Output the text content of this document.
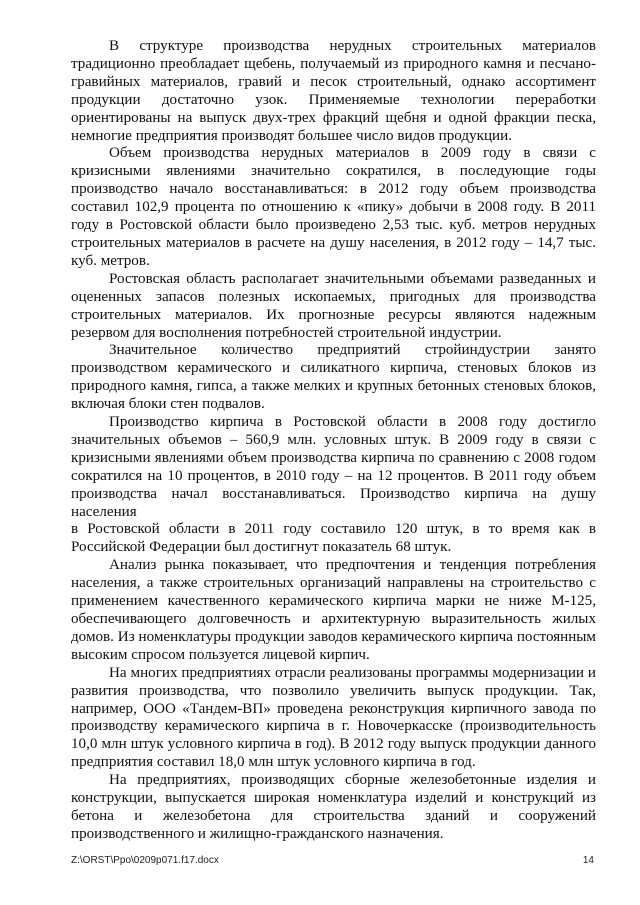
В структуре производства нерудных строительных материалов традиционно преобладает щебень, получаемый из природного камня и песчано-гравийных материалов, гравий и песок строительный, однако ассортимент продукции достаточно узок. Применяемые технологии переработки ориентированы на выпуск двух-трех фракций щебня и одной фракции песка, немногие предприятия производят большее число видов продукции.

Объем производства нерудных материалов в 2009 году в связи с кризисными явлениями значительно сократился, в последующие годы производство начало восстанавливаться: в 2012 году объем производства составил 102,9 процента по отношению к «пику» добычи в 2008 году. В 2011 году в Ростовской области было произведено 2,53 тыс. куб. метров нерудных строительных материалов в расчете на душу населения, в 2012 году – 14,7 тыс. куб. метров.

Ростовская область располагает значительными объемами разведанных и оцененных запасов полезных ископаемых, пригодных для производства строительных материалов. Их прогнозные ресурсы являются надежным резервом для восполнения потребностей строительной индустрии.

Значительное количество предприятий стройиндустрии занято производством керамического и силикатного кирпича, стеновых блоков из природного камня, гипса, а также мелких и крупных бетонных стеновых блоков, включая блоки стен подвалов.

Производство кирпича в Ростовской области в 2008 году достигло значительных объемов – 560,9 млн. условных штук. В 2009 году в связи с кризисными явлениями объем производства кирпича по сравнению с 2008 годом сократился на 10 процентов, в 2010 году – на 12 процентов. В 2011 году объем производства начал восстанавливаться. Производство кирпича на душу населения

в Ростовской области в 2011 году составило 120 штук, в то время как в Российской Федерации был достигнут показатель 68 штук.

Анализ рынка показывает, что предпочтения и тенденция потребления населения, а также строительных организаций направлены на строительство с применением качественного керамического кирпича марки не ниже М-125, обеспечивающего долговечность и архитектурную выразительность жилых домов. Из номенклатуры продукции заводов керамического кирпича постоянным высоким спросом пользуется лицевой кирпич.

На многих предприятиях отрасли реализованы программы модернизации и развития производства, что позволило увеличить выпуск продукции. Так, например, ООО «Тандем-ВП» проведена реконструкция кирпичного завода по производству керамического кирпича в г. Новочеркасске (производительность 10,0 млн штук условного кирпича в год). В 2012 году выпуск продукции данного предприятия составил 18,0 млн штук условного кирпича в год.

На предприятиях, производящих сборные железобетонные изделия и конструкции, выпускается широкая номенклатура изделий и конструкций из бетона и железобетона для строительства зданий и сооружений производственного и жилищно-гражданского назначения.

Z:\ORST\Ppo\0209p071.f17.docx	14
